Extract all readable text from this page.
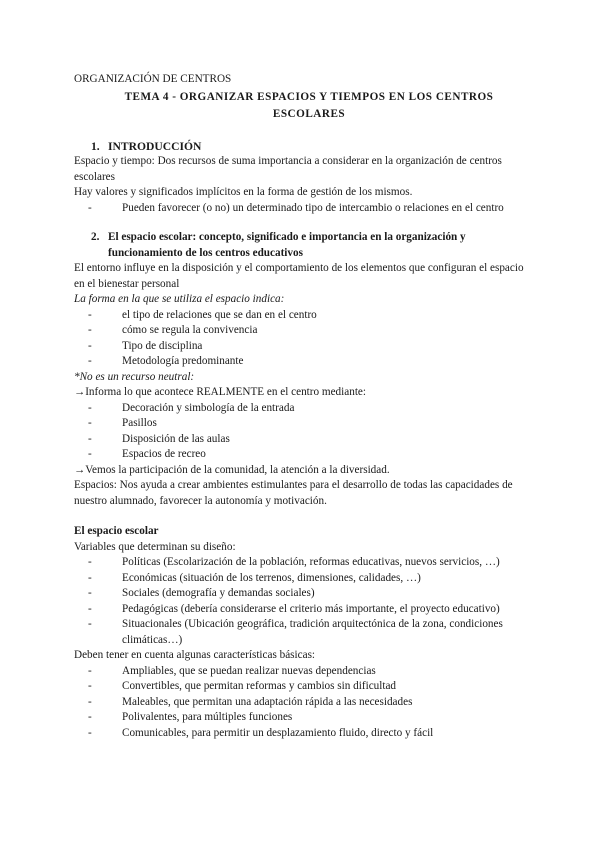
ORGANIZACIÓN DE CENTROS

TEMA 4 - ORGANIZAR ESPACIOS Y TIEMPOS EN LOS CENTROS
ESCOLARES
1. INTRODUCCIÓN

Espacio y tiempo: Dos recursos de suma importancia a considerar en la organización de centros escolares

Hay valores y significados implícitos en la forma de gestión de los mismos.

- Pueden favorecer (o no) un determinado tipo de intercambio o relaciones en el centro
2. El espacio escolar: concepto, significado e importancia en la organización y funcionamiento de los centros educativos

El entorno influye en la disposición y el comportamiento de los elementos que configuran el espacio en el bienestar personal

La forma en la que se utiliza el espacio indica:

- el tipo de relaciones que se dan en el centro
- cómo se regula la convivencia
- Tipo de disciplina
- Metodología predominante

*No es un recurso neutral:

→ Informa lo que acontece REALMENTE en el centro mediante:

- Decoración y simbología de la entrada
- Pasillos
- Disposición de las aulas
- Espacios de recreo

→ Vemos la participación de la comunidad, la atención a la diversidad.

Espacios: Nos ayuda a crear ambientes estimulantes para el desarrollo de todas las capacidades de nuestro alumnado, favorecer la autonomía y motivación.

El espacio escolar

Variables que determinan su diseño:

- Políticas (Escolarización de la población, reformas educativas, nuevos servicios, …)
- Económicas (situación de los terrenos, dimensiones, calidades, …)
- Sociales (demografía y demandas sociales)
- Pedagógicas (debería considerarse el criterio más importante, el proyecto educativo)
- Situacionales (Ubicación geográfica, tradición arquitectónica de la zona, condiciones climáticas…)

Deben tener en cuenta algunas características básicas:

- Ampliables, que se puedan realizar nuevas dependencias
- Convertibles, que permitan reformas y cambios sin dificultad
- Maleables, que permitan una adaptación rápida a las necesidades
- Polivalentes, para múltiples funciones
- Comunicables, para permitir un desplazamiento fluido, directo y fácil
